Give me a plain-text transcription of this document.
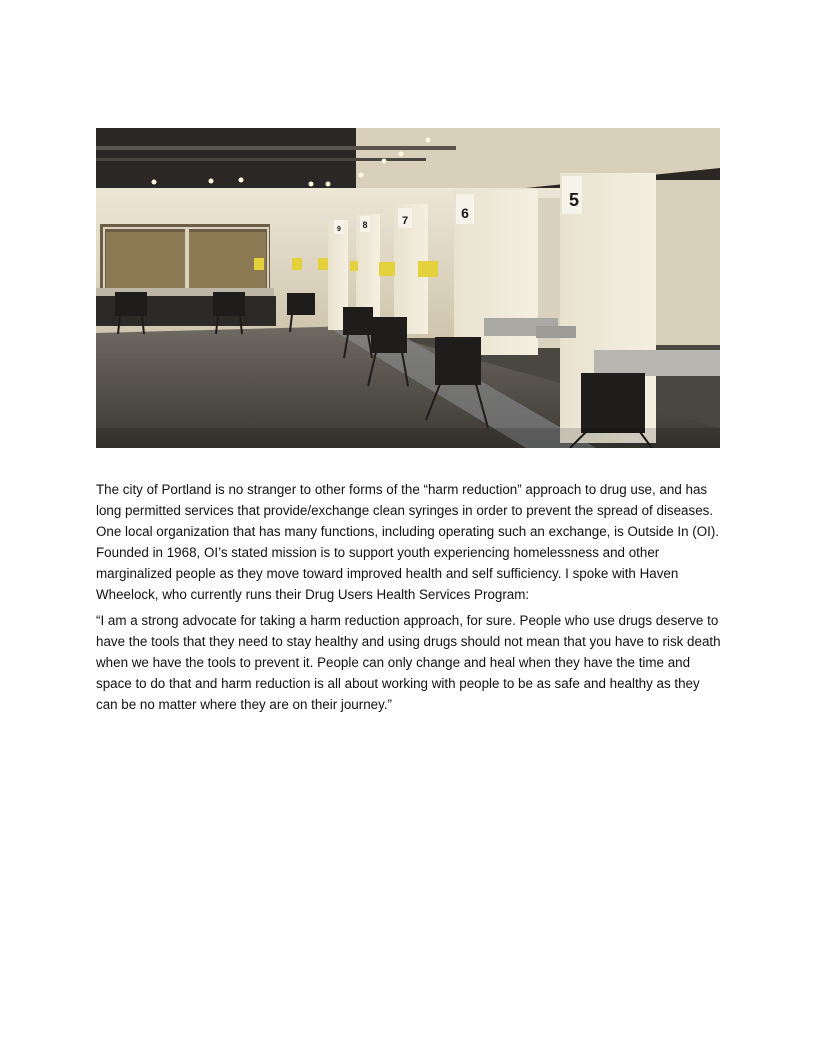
5
6
7
8
9

The city of Portland is no stranger to other forms of the “harm reduction” approach to drug use, and has long permitted services that provide/exchange clean syringes in order to prevent the spread of diseases. One local organization that has many functions, including operating such an exchange, is Outside In (OI). Founded in 1968, OI’s stated mission is to support youth experiencing homelessness and other marginalized people as they move toward improved health and self sufficiency. I spoke with Haven Wheelock, who currently runs their Drug Users Health Services Program:

“I am a strong advocate for taking a harm reduction approach, for sure. People who use drugs deserve to have the tools that they need to stay healthy and using drugs should not mean that you have to risk death when we have the tools to prevent it. People can only change and heal when they have the time and space to do that and harm reduction is all about working with people to be as safe and healthy as they can be no matter where they are on their journey.”
